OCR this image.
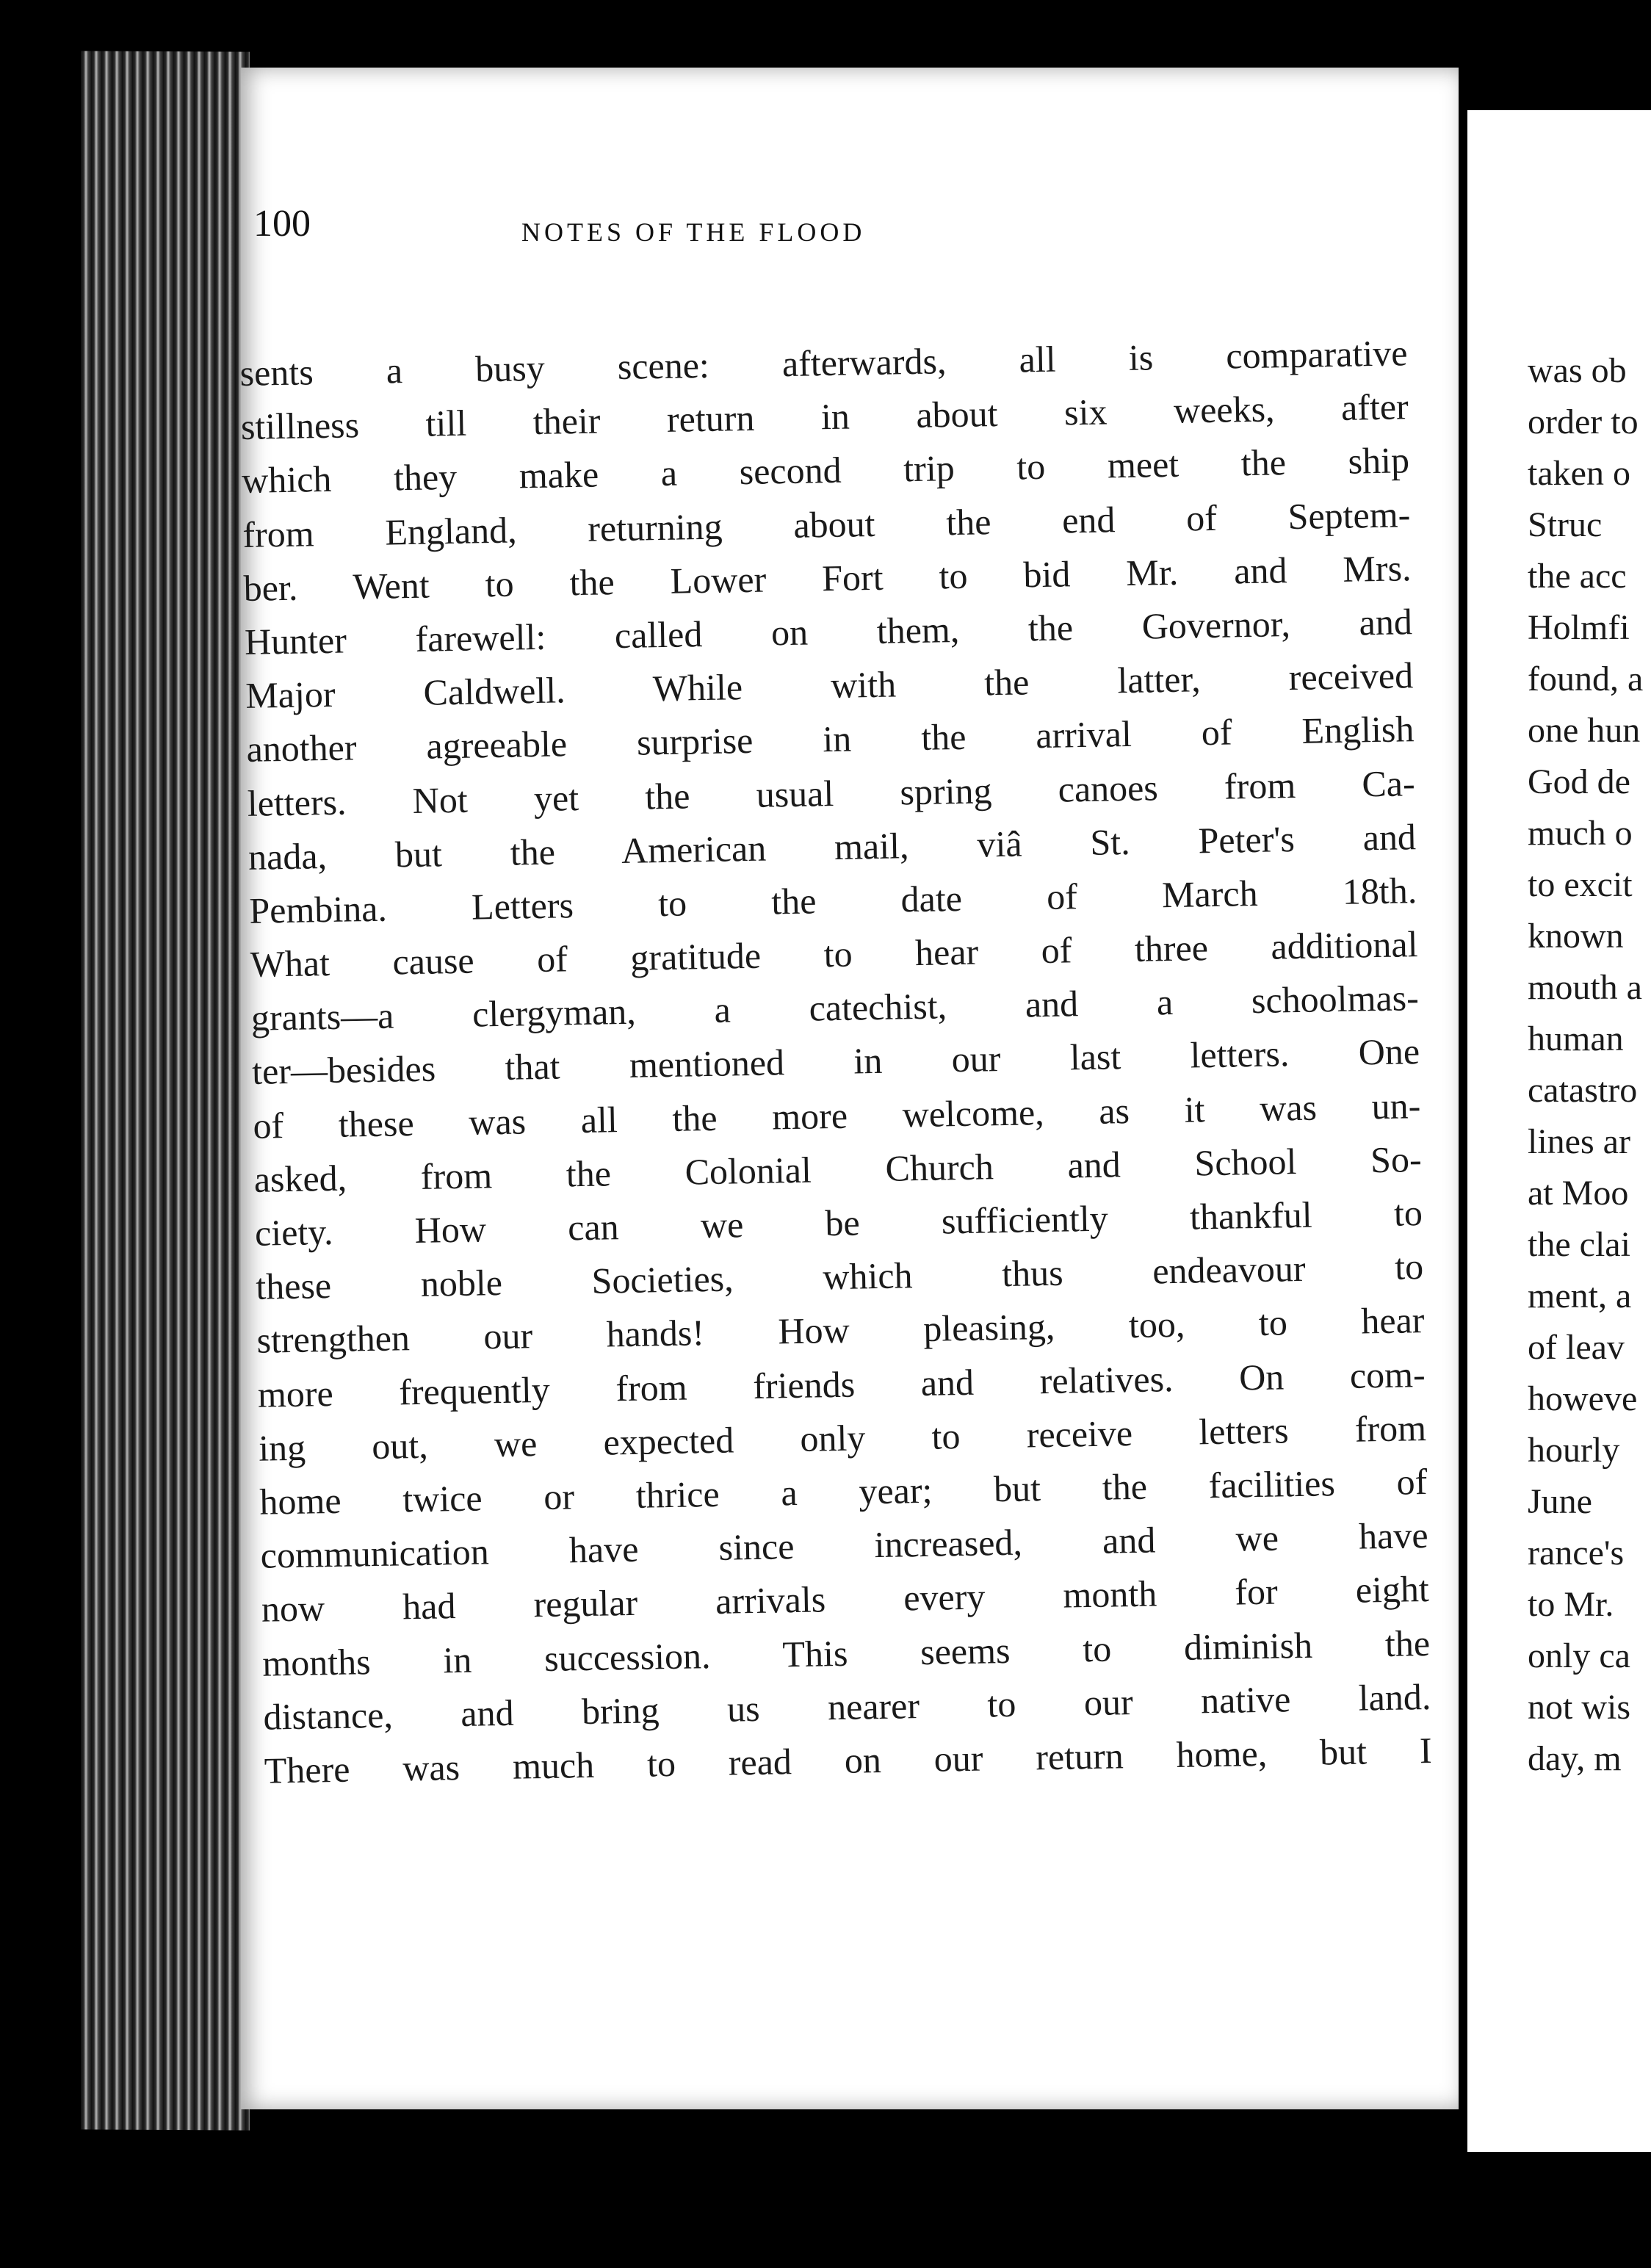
100	NOTES OF THE FLOOD
sents a busy scene: afterwards, all is comparative
stillness till their return in about six weeks, after
which they make a second trip to meet the ship
from England, returning about the end of Septem-
ber. Went to the Lower Fort to bid Mr. and Mrs.
Hunter farewell: called on them, the Governor, and
Major Caldwell. While with the latter, received
another agreeable surprise in the arrival of English
letters. Not yet the usual spring canoes from Ca-
nada, but the American mail, viâ St. Peter's and
Pembina. Letters to the date of March 18th.
What cause of gratitude to hear of three additional
grants—a clergyman, a catechist, and a schoolmas-
ter—besides that mentioned in our last letters. One
of these was all the more welcome, as it was un-
asked, from the Colonial Church and School So-
ciety. How can we be sufficiently thankful to
these noble Societies, which thus endeavour to
strengthen our hands! How pleasing, too, to hear
more frequently from friends and relatives. On com-
ing out, we expected only to receive letters from
home twice or thrice a year; but the facilities of
communication have since increased, and we have
now had regular arrivals every month for eight
months in succession. This seems to diminish the
distance, and bring us nearer to our native land.
There was much to read on our return home, but I
was ob
order to
taken o
Struc
the acc
Holmfi
found, a
one hun
God de
much o
to excit
known
mouth a
human
catastro
lines ar
at Moo
the clai
ment, a
of leav
howeve
hourly
June
rance's
to Mr.
only ca
not wis
day, m
